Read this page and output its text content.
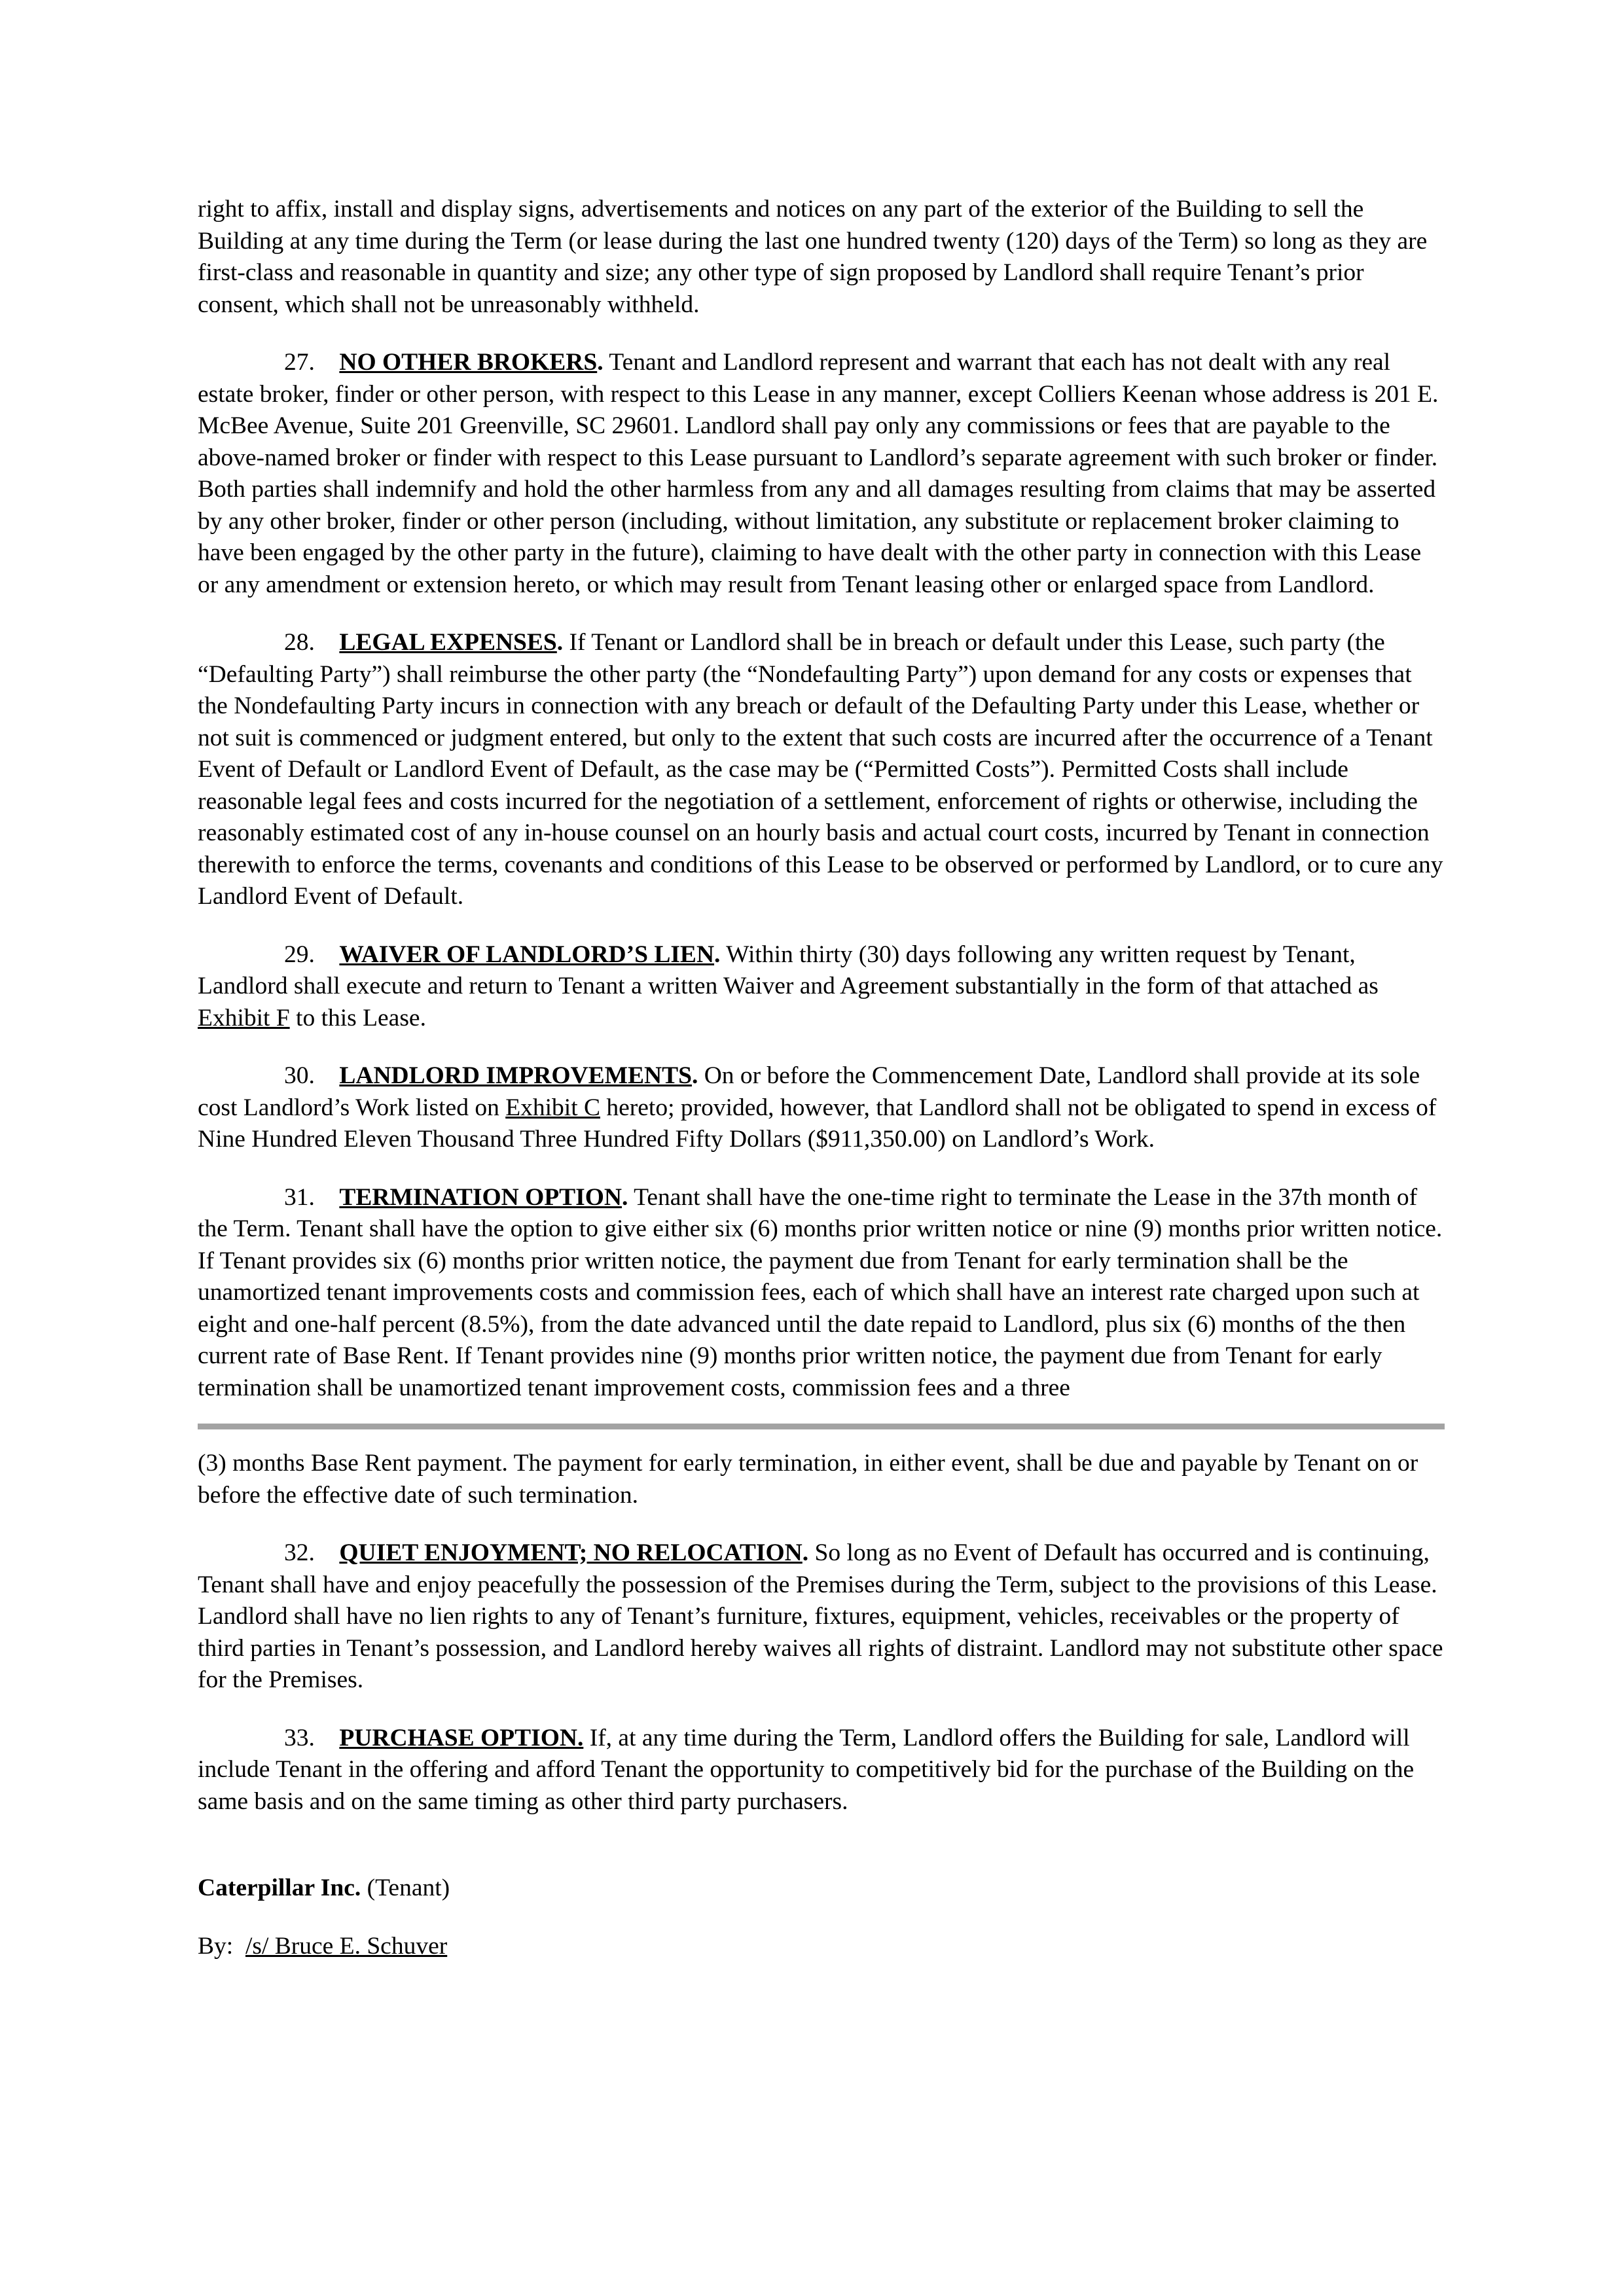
right to affix, install and display signs, advertisements and notices on any part of the exterior of the Building to sell the Building at any time during the Term (or lease during the last one hundred twenty (120) days of the Term) so long as they are first-class and reasonable in quantity and size; any other type of sign proposed by Landlord shall require Tenant’s prior consent, which shall not be unreasonably withheld.

27. NO OTHER BROKERS. Tenant and Landlord represent and warrant that each has not dealt with any real estate broker, finder or other person, with respect to this Lease in any manner, except Colliers Keenan whose address is 201 E. McBee Avenue, Suite 201 Greenville, SC 29601. Landlord shall pay only any commissions or fees that are payable to the above-named broker or finder with respect to this Lease pursuant to Landlord’s separate agreement with such broker or finder. Both parties shall indemnify and hold the other harmless from any and all damages resulting from claims that may be asserted by any other broker, finder or other person (including, without limitation, any substitute or replacement broker claiming to have been engaged by the other party in the future), claiming to have dealt with the other party in connection with this Lease or any amendment or extension hereto, or which may result from Tenant leasing other or enlarged space from Landlord.

28. LEGAL EXPENSES. If Tenant or Landlord shall be in breach or default under this Lease, such party (the “Defaulting Party”) shall reimburse the other party (the “Nondefaulting Party”) upon demand for any costs or expenses that the Nondefaulting Party incurs in connection with any breach or default of the Defaulting Party under this Lease, whether or not suit is commenced or judgment entered, but only to the extent that such costs are incurred after the occurrence of a Tenant Event of Default or Landlord Event of Default, as the case may be (“Permitted Costs”). Permitted Costs shall include reasonable legal fees and costs incurred for the negotiation of a settlement, enforcement of rights or otherwise, including the reasonably estimated cost of any in-house counsel on an hourly basis and actual court costs, incurred by Tenant in connection therewith to enforce the terms, covenants and conditions of this Lease to be observed or performed by Landlord, or to cure any Landlord Event of Default.

29. WAIVER OF LANDLORD’S LIEN. Within thirty (30) days following any written request by Tenant, Landlord shall execute and return to Tenant a written Waiver and Agreement substantially in the form of that attached as Exhibit F to this Lease.

30. LANDLORD IMPROVEMENTS. On or before the Commencement Date, Landlord shall provide at its sole cost Landlord’s Work listed on Exhibit C hereto; provided, however, that Landlord shall not be obligated to spend in excess of Nine Hundred Eleven Thousand Three Hundred Fifty Dollars ($911,350.00) on Landlord’s Work.

31. TERMINATION OPTION. Tenant shall have the one-time right to terminate the Lease in the 37th month of the Term. Tenant shall have the option to give either six (6) months prior written notice or nine (9) months prior written notice. If Tenant provides six (6) months prior written notice, the payment due from Tenant for early termination shall be the unamortized tenant improvements costs and commission fees, each of which shall have an interest rate charged upon such at eight and one-half percent (8.5%), from the date advanced until the date repaid to Landlord, plus six (6) months of the then current rate of Base Rent. If Tenant provides nine (9) months prior written notice, the payment due from Tenant for early termination shall be unamortized tenant improvement costs, commission fees and a three

(3) months Base Rent payment. The payment for early termination, in either event, shall be due and payable by Tenant on or before the effective date of such termination.

32. QUIET ENJOYMENT; NO RELOCATION. So long as no Event of Default has occurred and is continuing, Tenant shall have and enjoy peacefully the possession of the Premises during the Term, subject to the provisions of this Lease. Landlord shall have no lien rights to any of Tenant’s furniture, fixtures, equipment, vehicles, receivables or the property of third parties in Tenant’s possession, and Landlord hereby waives all rights of distraint. Landlord may not substitute other space for the Premises.

33. PURCHASE OPTION. If, at any time during the Term, Landlord offers the Building for sale, Landlord will include Tenant in the offering and afford Tenant the opportunity to competitively bid for the purchase of the Building on the same basis and on the same timing as other third party purchasers.

Caterpillar Inc. (Tenant)

By: /s/ Bruce E. Schuver
